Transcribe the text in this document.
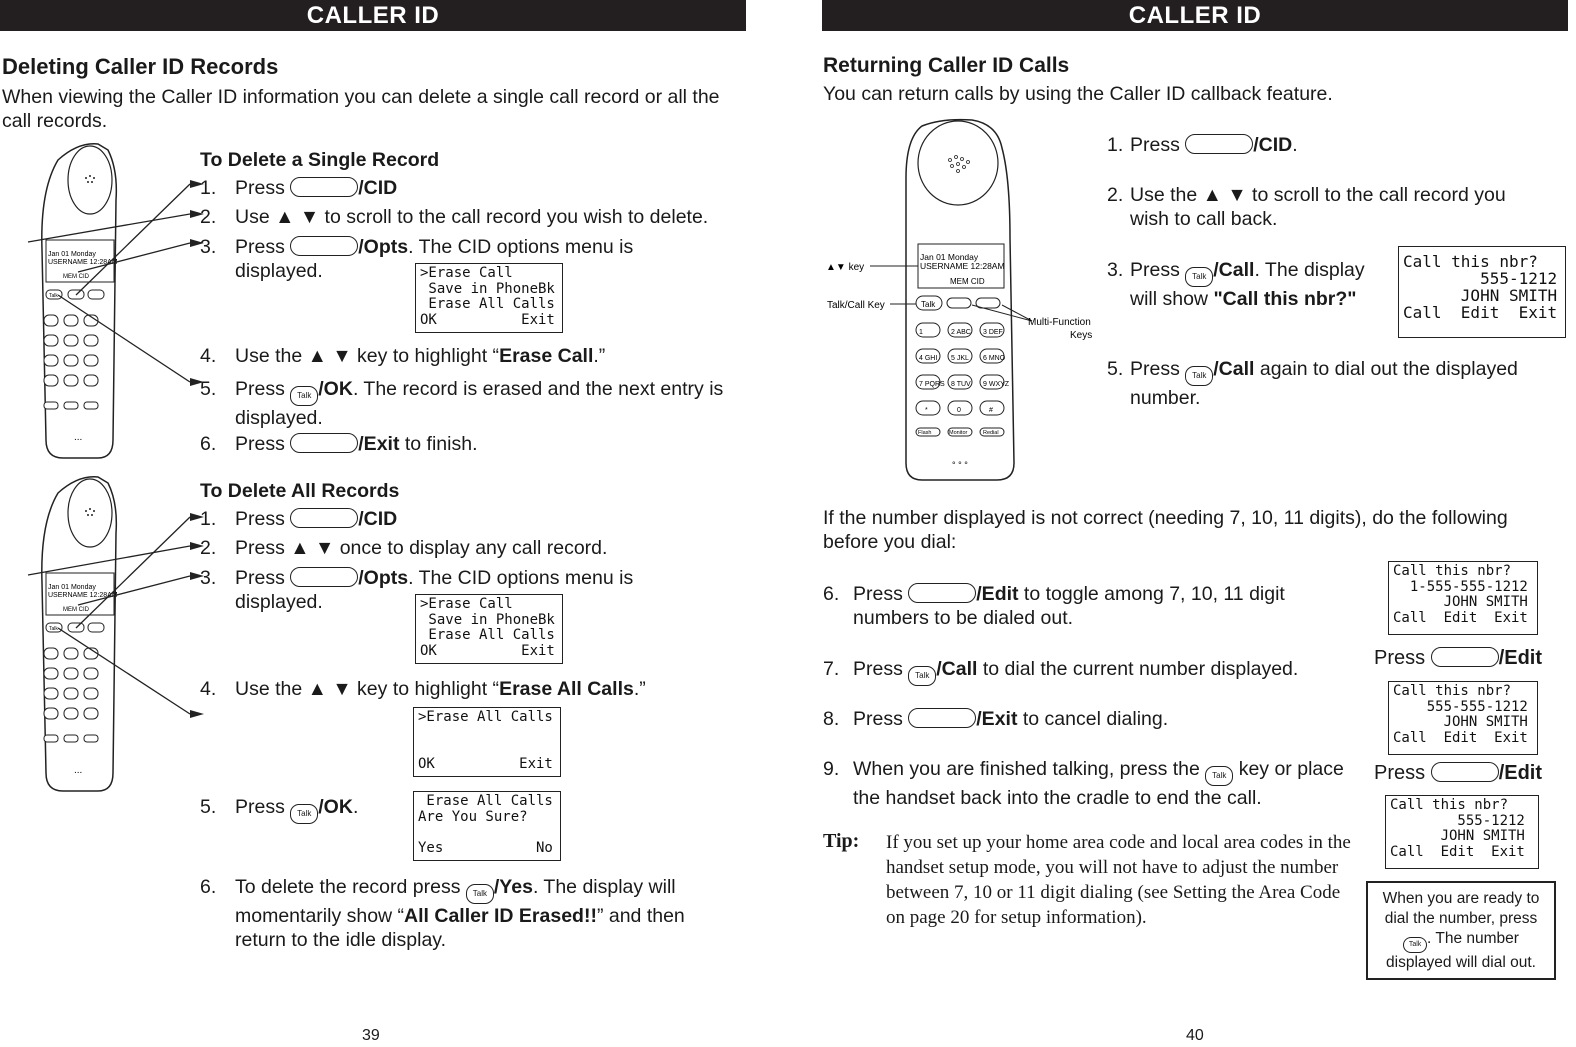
CALLER ID
Deleting Caller ID Records
When viewing the Caller ID information you can delete a single call record or all the call records.
Jan 01 Monday
USERNAME 12:28AM
MEM CID
Talk
...
Jan 01 Monday
USERNAME 12:28AM
MEM CID
Talk
...
To Delete a Single Record
1. Press	/CID
2. Use ▲ ▼ to scroll to the call record you wish to delete.
3. Press	/Opts. The CID options menu is displayed.	>Erase Call
Save in PhoneBk
Erase All Calls
OK          Exit
4. Use the ▲ ▼ key to highlight “Erase Call.”
5. Press Talk /OK. The record is erased and the next entry is displayed.
6. Press	/Exit to finish.
To Delete All Records
1. Press	/CID
2. Press ▲ ▼ once to display any call record.
3. Press	/Opts. The CID options menu is displayed.	>Erase Call
Save in PhoneBk
Erase All Calls
OK          Exit
4. Use the ▲ ▼ key to highlight “Erase All Calls.”
>Erase All Calls

OK          Exit
5. Press Talk /OK.	Erase All Calls
Are You Sure?

Yes           No
6. To delete the record press Talk /Yes. The display will momentarily show “All Caller ID Erased!!” and then return to the idle display.
39
CALLER ID
Returning Caller ID Calls
You can return calls by using the Caller ID callback feature.
Jan 01 Monday
USERNAME 12:28AM
MEM CID
Talk
1	2 ABC 3 DEF
4 GHI 5 JKL 6 MNO
7 PQRS 8 TUV 9 WXYZ
*	0	#
Flash	Monitor	Redial
° ° °
▲▼ key
Talk/Call Key
Multi-Function
Keys
1. Press	/CID.
2. Use the ▲ ▼ to scroll to the call record you wish to call back.
3. Press Talk /Call. The display will show "Call this nbr?"
Call this nbr?
555-1212
JOHN SMITH
Call  Edit  Exit
5. Press Talk /Call again to dial out the displayed number.
If the number displayed is not correct (needing 7, 10, 11 digits), do the following before you dial:
6. Press	/Edit to toggle among 7, 10, 11 digit numbers to be dialed out.
7. Press Talk /Call to dial the current number displayed.
8. Press	/Exit to cancel dialing.
9. When you are finished talking, press the Talk key or place the handset back into the cradle to end the call.
Tip: If you set up your home area code and local area codes in the handset setup mode, you will not have to adjust the number between 7, 10 or 11 digit dialing (see Setting the Area Code on page 20 for setup information).
Call this nbr?
1-555-555-1212
JOHN SMITH
Call  Edit  Exit
Press	/Edit
Call this nbr?
555-555-1212
JOHN SMITH
Call  Edit  Exit
Press	/Edit
Call this nbr?
555-1212
JOHN SMITH
Call  Edit  Exit
When you are ready to dial the number, press Talk . The number displayed will dial out.
40
